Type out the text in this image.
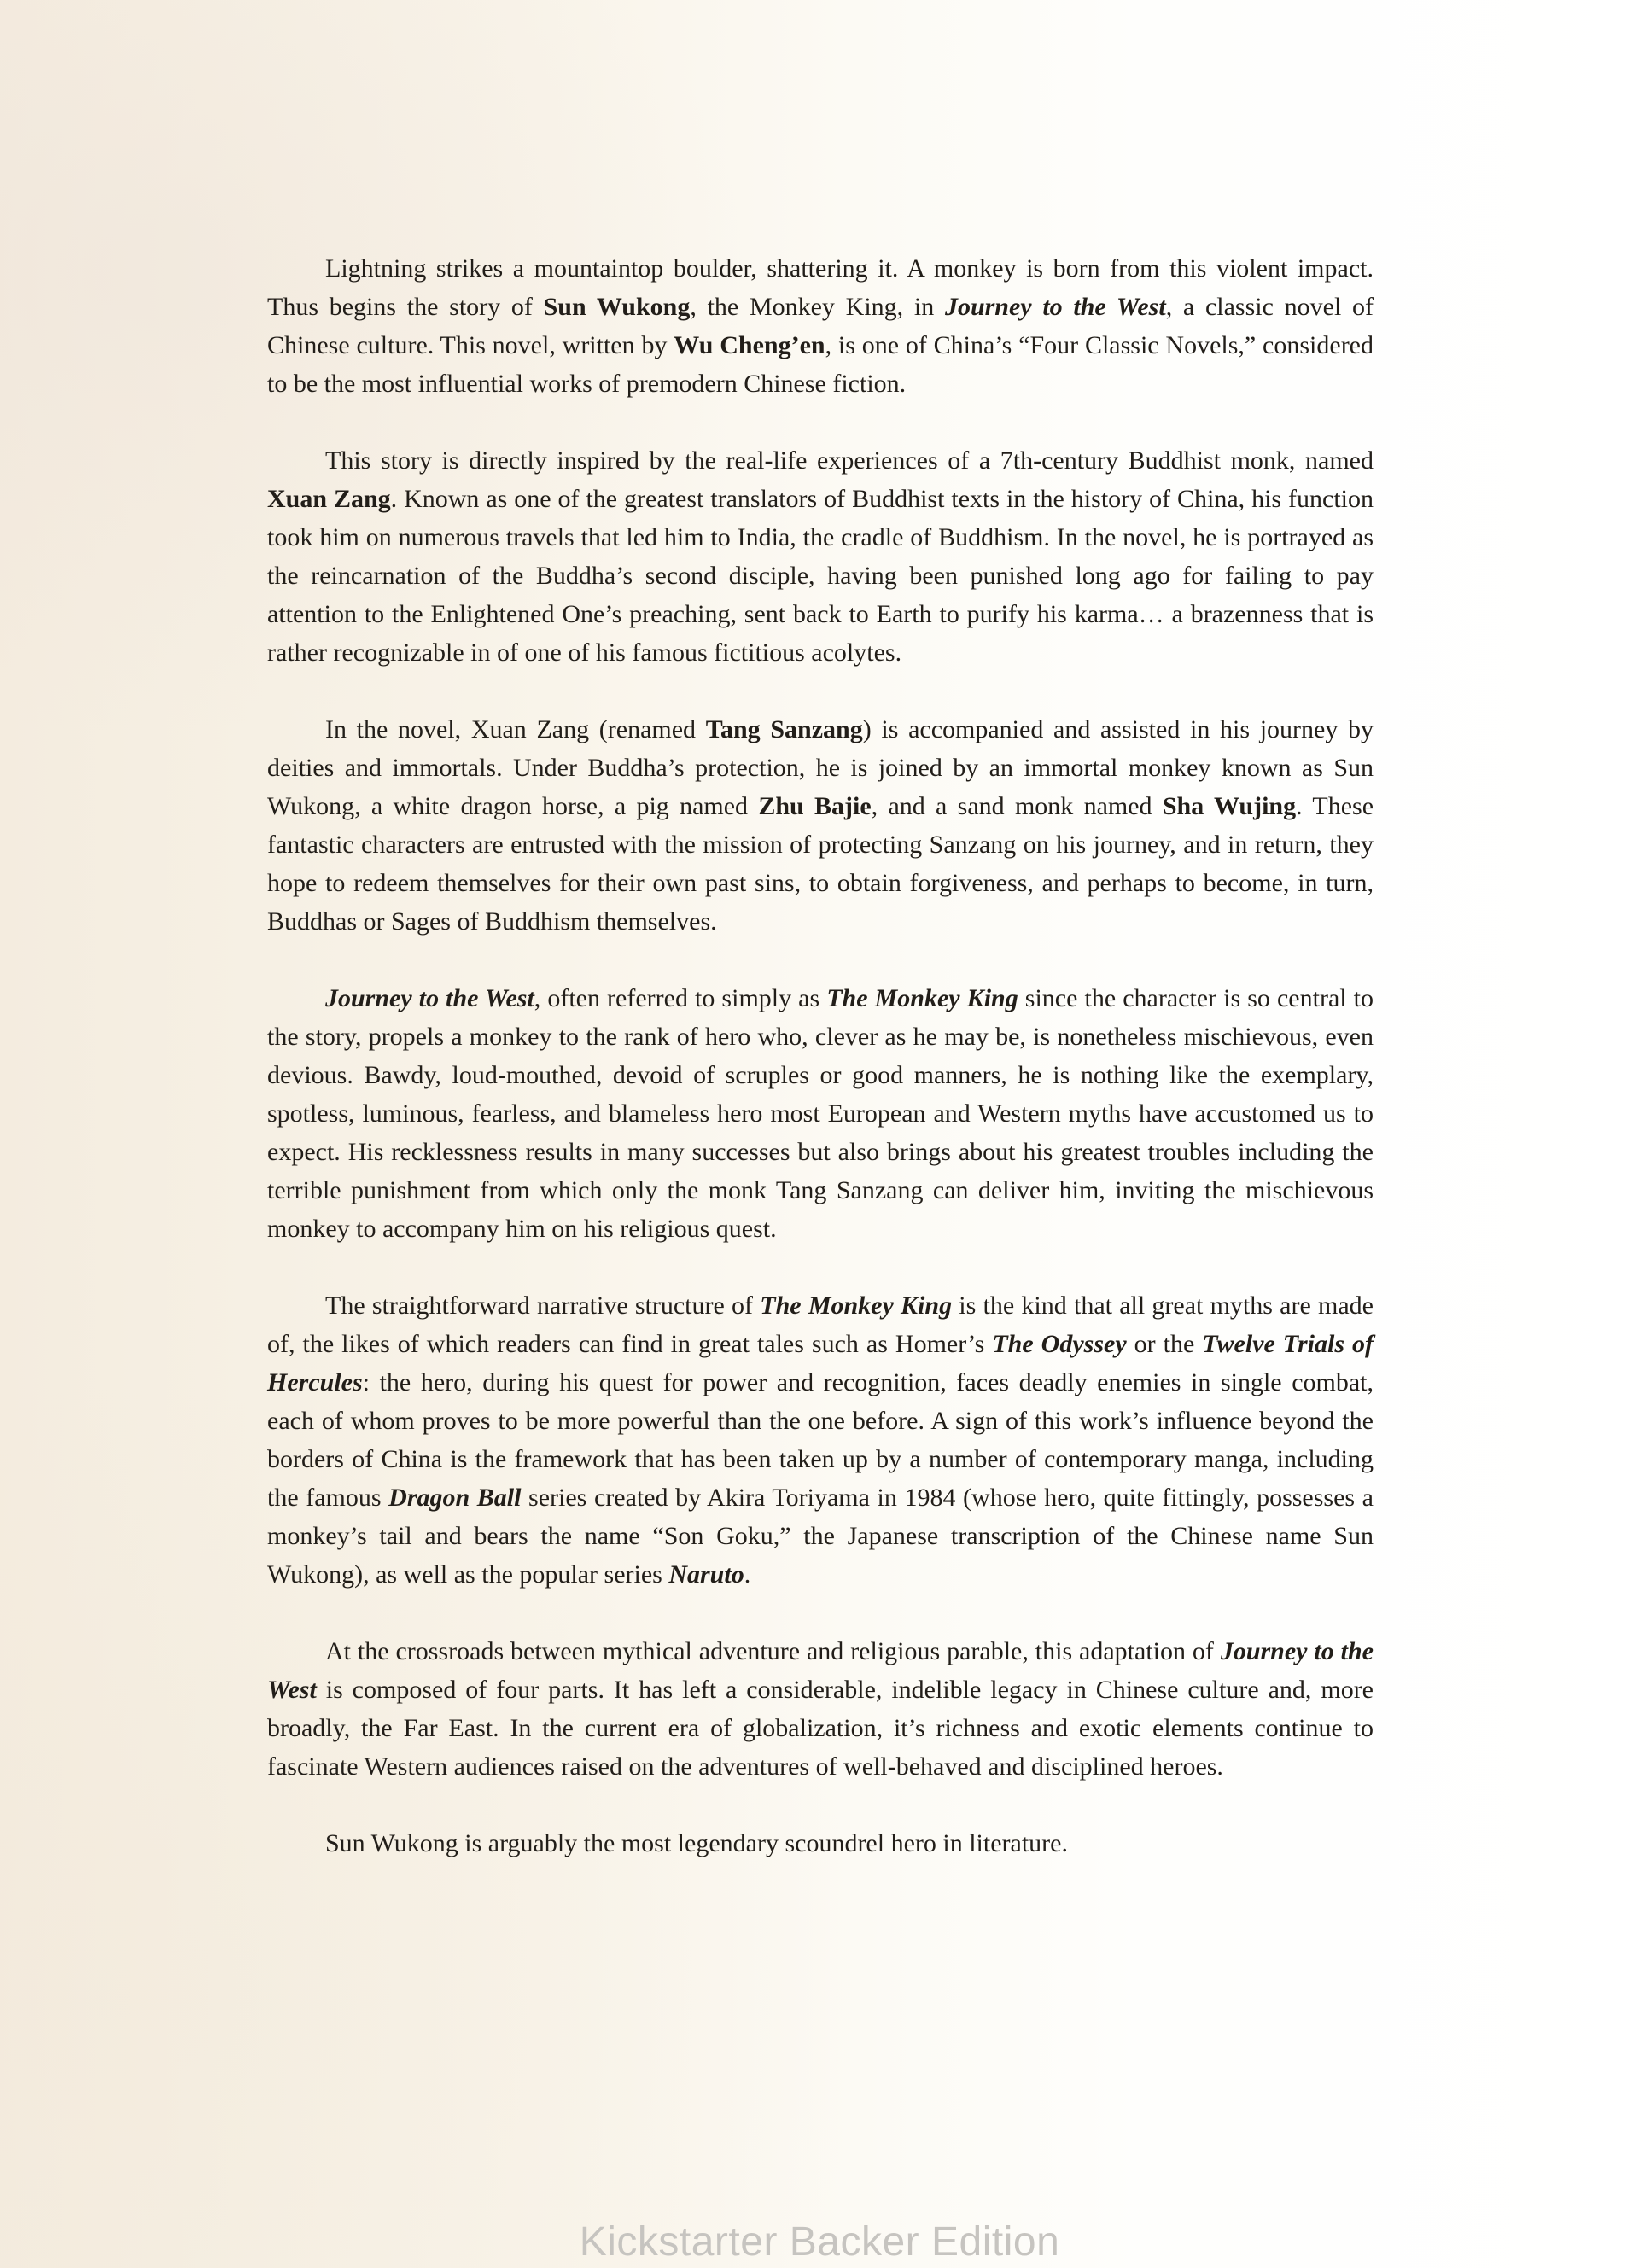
Lightning strikes a mountaintop boulder, shattering it. A monkey is born from this violent impact. Thus begins the story of Sun Wukong, the Monkey King, in Journey to the West, a classic novel of Chinese culture. This novel, written by Wu Cheng’en, is one of China’s “Four Classic Novels,” considered to be the most influential works of premodern Chinese fiction.

This story is directly inspired by the real-life experiences of a 7th-century Buddhist monk, named Xuan Zang. Known as one of the greatest translators of Buddhist texts in the history of China, his function took him on numerous travels that led him to India, the cradle of Buddhism. In the novel, he is portrayed as the reincarnation of the Buddha’s second disciple, having been punished long ago for failing to pay attention to the Enlightened One’s preaching, sent back to Earth to purify his karma… a brazenness that is rather recognizable in of one of his famous fictitious acolytes.

In the novel, Xuan Zang (renamed Tang Sanzang) is accompanied and assisted in his journey by deities and immortals. Under Buddha’s protection, he is joined by an immortal monkey known as Sun Wukong, a white dragon horse, a pig named Zhu Bajie, and a sand monk named Sha Wujing. These fantastic characters are entrusted with the mission of protecting Sanzang on his journey, and in return, they hope to redeem themselves for their own past sins, to obtain forgiveness, and perhaps to become, in turn, Buddhas or Sages of Buddhism themselves.

Journey to the West, often referred to simply as The Monkey King since the character is so central to the story, propels a monkey to the rank of hero who, clever as he may be, is nonetheless mischievous, even devious. Bawdy, loud-mouthed, devoid of scruples or good manners, he is nothing like the exemplary, spotless, luminous, fearless, and blameless hero most European and Western myths have accustomed us to expect. His recklessness results in many successes but also brings about his greatest troubles including the terrible punishment from which only the monk Tang Sanzang can deliver him, inviting the mischievous monkey to accompany him on his religious quest.

The straightforward narrative structure of The Monkey King is the kind that all great myths are made of, the likes of which readers can find in great tales such as Homer’s The Odyssey or the Twelve Trials of Hercules: the hero, during his quest for power and recognition, faces deadly enemies in single combat, each of whom proves to be more powerful than the one before. A sign of this work’s influence beyond the borders of China is the framework that has been taken up by a number of contemporary manga, including the famous Dragon Ball series created by Akira Toriyama in 1984 (whose hero, quite fittingly, possesses a monkey’s tail and bears the name “Son Goku,” the Japanese transcription of the Chinese name Sun Wukong), as well as the popular series Naruto.

At the crossroads between mythical adventure and religious parable, this adaptation of Journey to the West is composed of four parts. It has left a considerable, indelible legacy in Chinese culture and, more broadly, the Far East. In the current era of globalization, it’s richness and exotic elements continue to fascinate Western audiences raised on the adventures of well-behaved and disciplined heroes.

Sun Wukong is arguably the most legendary scoundrel hero in literature.

Kickstarter Backer Edition
